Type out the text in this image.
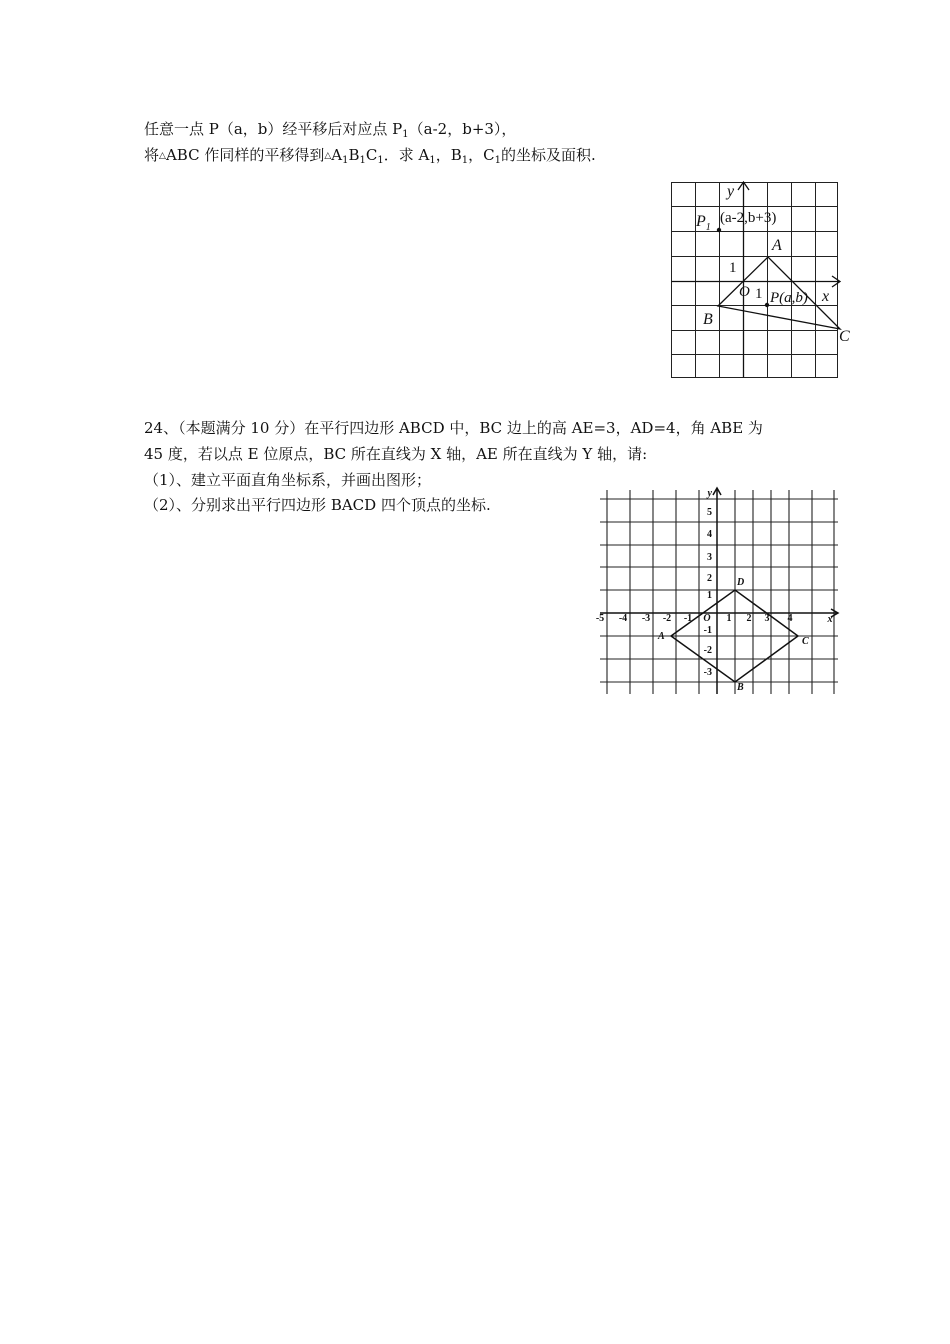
任意一点 P（a，b）经平移后对应点 $P_1(a-2$，b+3），
将△ABC 作同样的平移得到$\triangle A_1B_1C_1$．求 $A_1$，$B_1$，$C_1$的坐标及面积.
y
x
A
B
C
$P_1$
(a-2,b+3)
1
O 1 P(a,b)
24、（本题满分 10 分）在平行四边形 ABCD 中，BC 边上的高 AE=3，AD=4，角 ABE 为
45 度，若以点 E 位原点，BC 所在直线为 X 轴，AE 所在直线为 Y 轴，请:
（1）、建立平面直角坐标系，并画出图形；
（2）、分别求出平行四边形 BACD 四个顶点的坐标.
-5 -4 -3 -2 -1 O 1 2 3 4	x
y
5
4
3
2
1
-1
-2
-3
D
A	C
B
